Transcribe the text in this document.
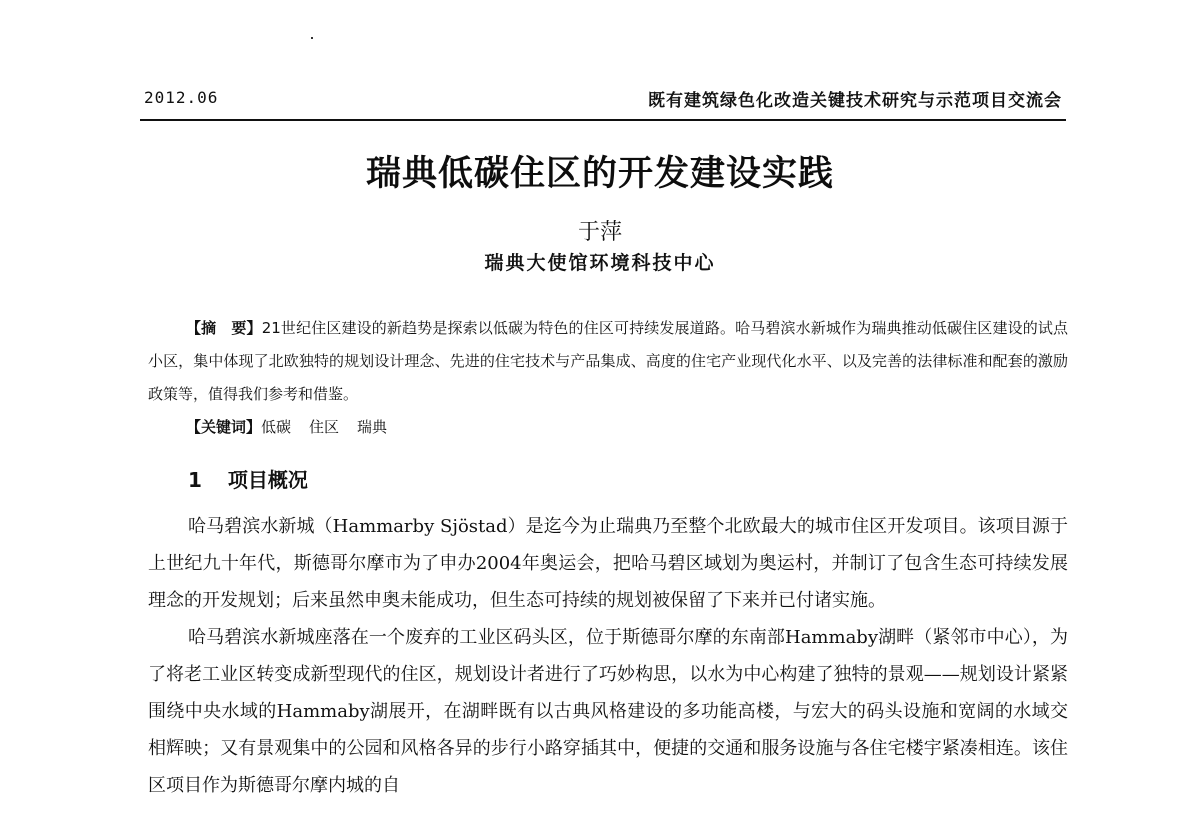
2012.06	既有建筑绿色化改造关键技术研究与示范项目交流会
瑞典低碳住区的开发建设实践
于萍
瑞典大使馆环境科技中心
【摘　要】21世纪住区建设的新趋势是探索以低碳为特色的住区可持续发展道路。哈马碧滨水新城作为瑞典推动低碳住区建设的试点小区，集中体现了北欧独特的规划设计理念、先进的住宅技术与产品集成、高度的住宅产业现代化水平、以及完善的法律标准和配套的激励政策等，值得我们参考和借鉴。
【关键词】低碳 住区 瑞典
1 项目概况

哈马碧滨水新城（Hammarby Sjöstad）是迄今为止瑞典乃至整个北欧最大的城市住区开发项目。该项目源于上世纪九十年代，斯德哥尔摩市为了申办2004年奥运会，把哈马碧区域划为奥运村，并制订了包含生态可持续发展理念的开发规划；后来虽然申奥未能成功，但生态可持续的规划被保留了下来并已付诸实施。

哈马碧滨水新城座落在一个废弃的工业区码头区，位于斯德哥尔摩的东南部Hammaby湖畔（紧邻市中心），为了将老工业区转变成新型现代的住区，规划设计者进行了巧妙构思，以水为中心构建了独特的景观——规划设计紧紧围绕中央水域的Hammaby湖展开，在湖畔既有以古典风格建设的多功能高楼，与宏大的码头设施和宽阔的水域交相辉映；又有景观集中的公园和风格各异的步行小路穿插其中，便捷的交通和服务设施与各住宅楼宇紧凑相连。该住区项目作为斯德哥尔摩内城的自
